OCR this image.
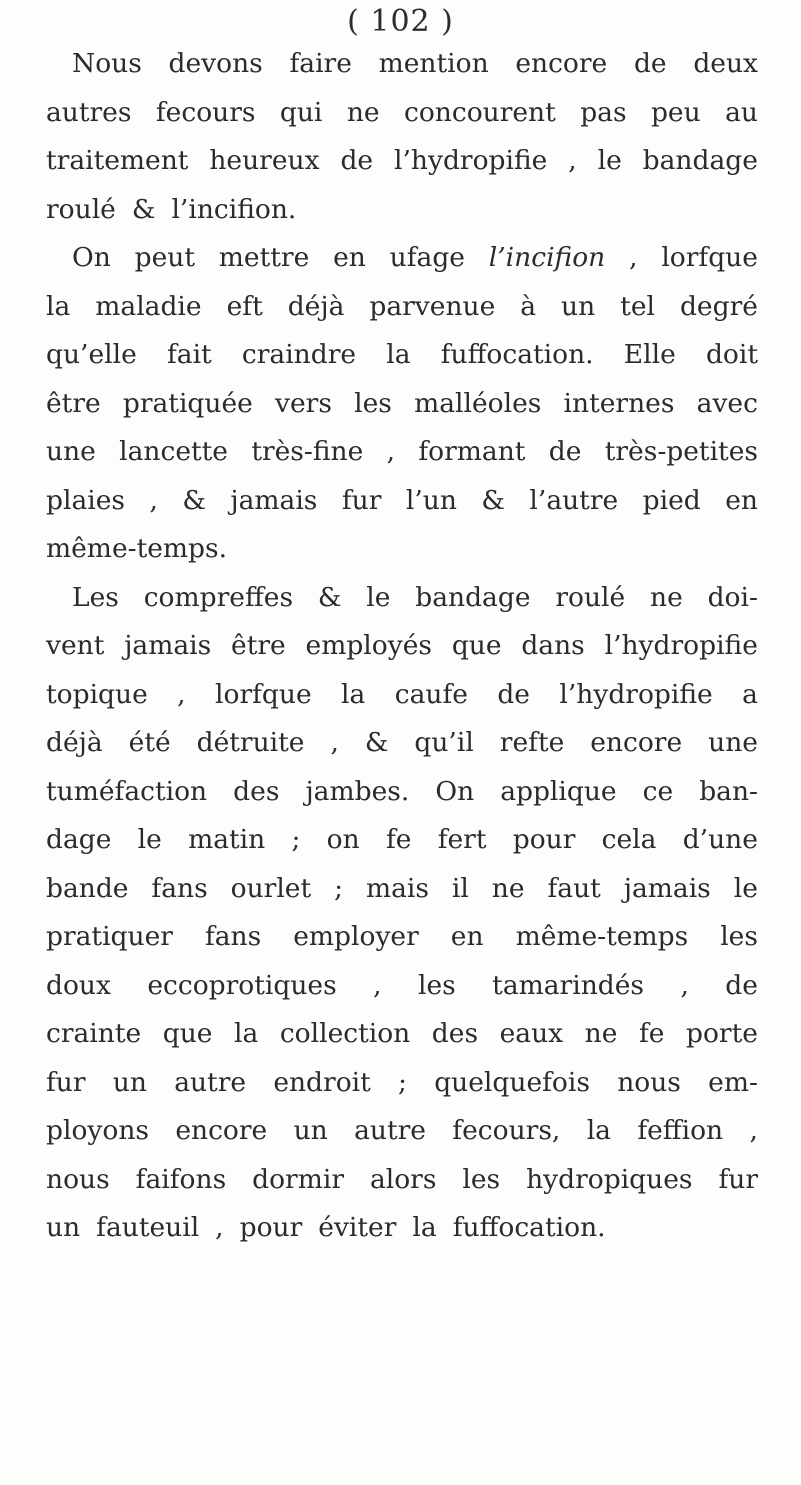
( 102 )
Nous devons faire mention encore de deux
autres fecours qui ne concourent pas peu au
traitement heureux de l’hydropifie , le bandage
roulé & l’incifion.
On peut mettre en ufage l’incifion , lorfque
la maladie eft déjà parvenue à un tel degré
qu’elle fait craindre la fuffocation. Elle doit
être pratiquée vers les malléoles internes avec
une lancette très-fine , formant de très-petites
plaies , & jamais fur l’un & l’autre pied en
même-temps.
Les compreffes & le bandage roulé ne doi-
vent jamais être employés que dans l’hydropifie
topique , lorfque la caufe de l’hydropifie a
déjà été détruite , & qu’il refte encore une
tuméfaction des jambes. On applique ce ban-
dage le matin ; on fe fert pour cela d’une
bande fans ourlet ; mais il ne faut jamais le
pratiquer fans employer en même-temps les
doux eccoprotiques , les tamarindés , de
crainte que la collection des eaux ne fe porte
fur un autre endroit ; quelquefois nous em-
ployons encore un autre fecours, la feffion ,
nous faifons dormir alors les hydropiques fur
un fauteuil , pour éviter la fuffocation.
